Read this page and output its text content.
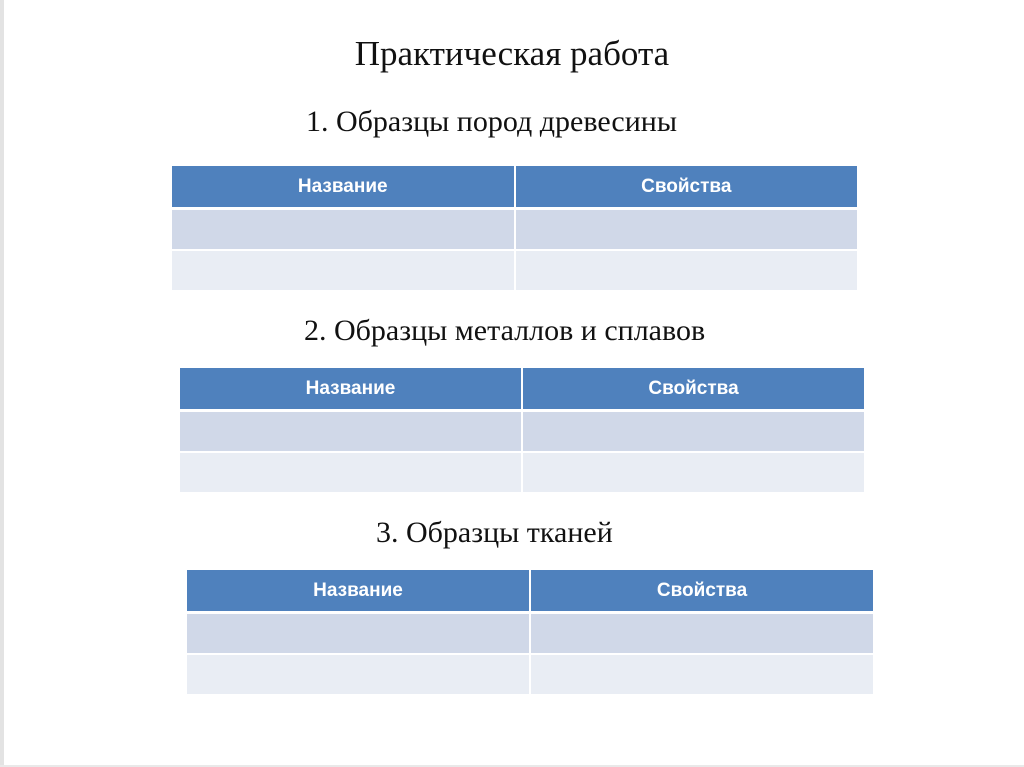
Практическая работа
1. Образцы пород древесины
Название	Свойства

2. Образцы металлов и сплавов
Название	Свойства

3. Образцы тканей
Название	Свойства
